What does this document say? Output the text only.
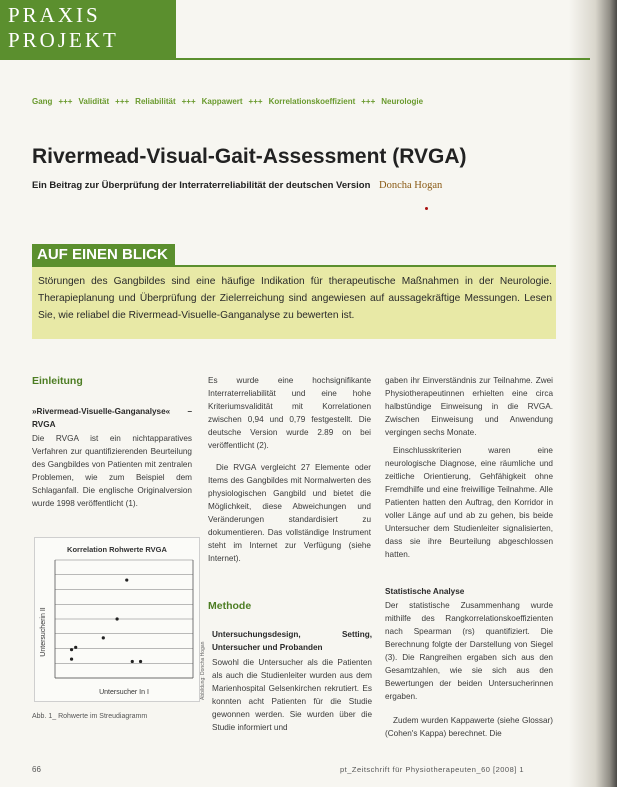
PRAXIS
PROJEKT
Gang +++ Validität +++ Reliabilität +++ Kappawert +++ Korrelationskoeffizient +++ Neurologie
Rivermead-Visual-Gait-Assessment (RVGA)
Ein Beitrag zur Überprüfung der Interraterreliabilität der deutschen Version Doncha Hogan
AUF EINEN BLICK
Störungen des Gangbildes sind eine häufige Indikation für therapeutische Maßnahmen in der Neurologie. Therapieplanung und Überprüfung der Zielerreichung sind angewiesen auf aussagekräftige Messungen. Lesen Sie, wie reliabel die Rivermead-Visuelle-Ganganalyse zu bewerten ist.
Einleitung
»Rivermead-Visuelle-Ganganalyse« – RVGA
Die RVGA ist ein nichtapparatives Verfahren zur quantifizierenden Beurteilung des Gangbildes von Patienten mit zentralen Problemen, wie zum Beispiel dem Schlaganfall. Die englische Originalversion wurde 1998 veröffentlicht (1).
Korrelation Rohwerte RVGA
Untersucher In I
Untersucherin II
Abb. 1_ Rohwerte im Streudiagramm
Es wurde eine hochsignifikante Interraterreliabilität und eine hohe Kriteriumsvalidität mit Korrelationen zwischen 0,94 und 0,79 festgestellt. Die deutsche Version wurde 2.89 on bei veröffentlicht (2).
Die RVGA vergleicht 27 Elemente oder Items des Gangbildes mit Normalwerten des physiologischen Gangbild und bietet die Möglichkeit, diese Abweichungen und Veränderungen standardisiert zu dokumentieren. Das vollständige Instrument steht im Internet zur Verfügung (siehe Internet).
Methode
Untersuchungsdesign, Setting, Untersucher und Probanden
Sowohl die Untersucher als die Patienten als auch die Studienleiter wurden aus dem Marienhospital Gelsenkirchen rekrutiert. Es konnten acht Patienten für die Studie gewonnen werden. Sie wurden über die Studie informiert und
Abbildung: Doncha Hogan
gaben ihr Einverständnis zur Teilnahme. Zwei Physiotherapeutinnen erhielten eine circa halbstündige Einweisung in die RVGA. Zwischen Einweisung und Anwendung vergingen sechs Monate.
Einschlusskriterien waren eine neurologische Diagnose, eine räumliche und zeitliche Orientierung, Gehfähigkeit ohne Fremdhilfe und eine freiwillige Teilnahme. Alle Patienten hatten den Auftrag, den Korridor in voller Länge auf und ab zu gehen, bis beide Untersucher dem Studienleiter signalisierten, dass sie ihre Beurteilung abgeschlossen hatten.
Statistische Analyse
Der statistische Zusammenhang wurde mithilfe des Rangkorrelationskoeffizienten nach Spearman (rs) quantifiziert. Die Berechnung folgte der Darstellung von Siegel (3). Die Rangreihen ergaben sich aus den Gesamtzahlen, wie sie sich aus den Bewertungen der beiden Untersucherinnen ergaben.
Zudem wurden Kappawerte (siehe Glossar) (Cohen's Kappa) berechnet. Die
66	pt_Zeitschrift für Physiotherapeuten_60 [2008] 1
